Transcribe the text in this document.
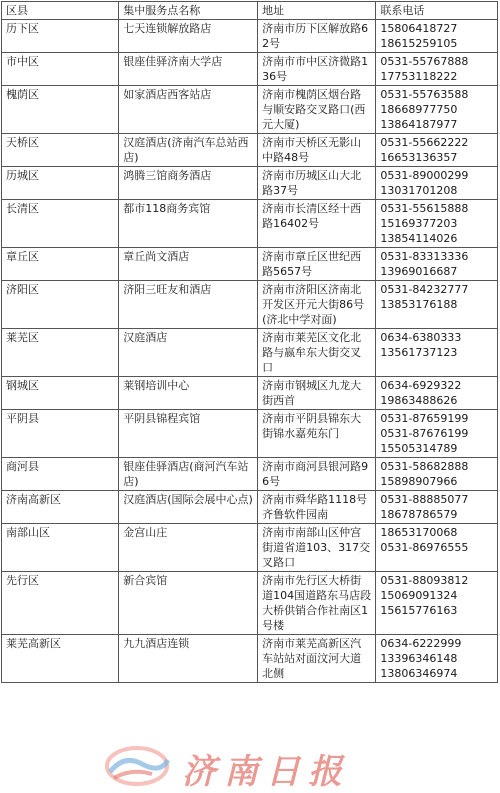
区县	集中服务点名称	地址	联系电话
历下区	七天连锁解放路店	济南市历下区解放路62号	15806418727
18615259105

市中区	银座佳驿济南大学店	济南市市中区济微路136号	0531-55767888
17753118222

槐荫区	如家酒店西客站店	济南市槐荫区烟台路与顺安路交叉路口(西元大厦)	0531-55763588
18668977750
13864187977

天桥区	汉庭酒店(济南汽车总站西店)	济南市天桥区无影山中路48号	0531-55662222
16653136357

历城区	鸿腾三馆商务酒店	济南市历城区山大北路37号	0531-89000299
13031701208

长清区	都市118商务宾馆	济南市长清区经十西路16402号	0531-55615888
15169377203
13854114026

章丘区	章丘尚文酒店	济南市章丘区世纪西路5657号	0531-83313336
13969016687

济阳区	济阳三旺友和酒店	济南市济阳区济南北开发区开元大街86号(济北中学对面)	0531-84232777
13853176188

莱芜区	汉庭酒店	济南市莱芜区文化北路与嬴牟东大街交叉口	0634-6380333
13561737123

钢城区	莱钢培训中心	济南市钢城区九龙大街西首	0634-6929322
19863488626

平阴县	平阴县锦程宾馆	济南市平阴县锦东大街锦水嘉苑东门	0531-87659199
0531-87676199
15505314789

商河县	银座佳驿酒店(商河汽车站店)	济南市商河县银河路96号	0531-58682888
15898907966

济南高新区	汉庭酒店(国际会展中心点)	济南市舜华路1118号齐鲁软件园南	0531-88885077
18678786579

南部山区	金宫山庄	济南市南部山区仲宫街道省道103、317交叉路口	18653170068
0531-86976555

先行区	新合宾馆	济南市先行区大桥街道104国道路东马店段大桥供销合作社南区1号楼	0531-88093812
15069091324
15615776163

莱芜高新区	九九酒店连锁	济南市莱芜高新区汽车站站对面汶河大道北侧	0634-6222999
13396346148
13806346974
济南日报
